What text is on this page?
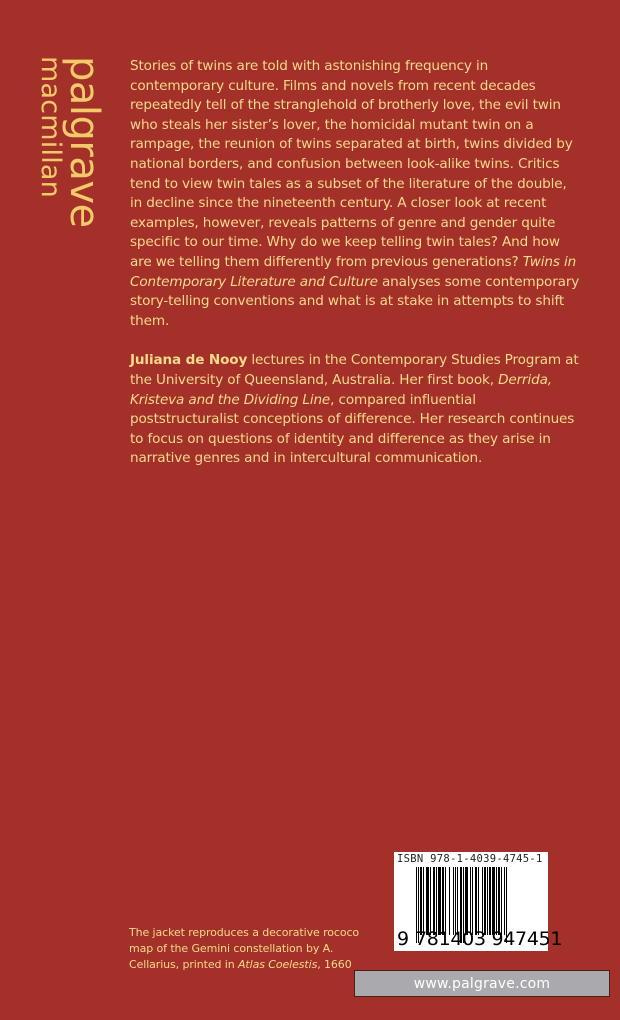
palgrave
macmillan	Stories of twins are told with astonishing frequency in contemporary culture. Films and novels from recent decades repeatedly tell of the stranglehold of brotherly love, the evil twin who steals her sister’s lover, the homicidal mutant twin on a rampage, the reunion of twins separated at birth, twins divided by national borders, and confusion between look-alike twins. Critics tend to view twin tales as a subset of the literature of the double, in decline since the nineteenth century. A closer look at recent examples, however, reveals patterns of genre and gender quite specific to our time. Why do we keep telling twin tales? And how are we telling them differently from previous generations? Twins in Contemporary Literature and Culture analyses some contemporary story-telling conventions and what is at stake in attempts to shift them.

Juliana de Nooy lectures in the Contemporary Studies Program at the University of Queensland, Australia. Her first book, Derrida, Kristeva and the Dividing Line, compared influential poststructuralist conceptions of difference. Her research continues to focus on questions of identity and difference as they arise in narrative genres and in intercultural communication.

The jacket reproduces a decorative rococo map of the Gemini constellation by A. Cellarius, printed in Atlas Coelestis, 1660
ISBN 978-1-4039-4745-1
9 781403 947451
www.palgrave.com
